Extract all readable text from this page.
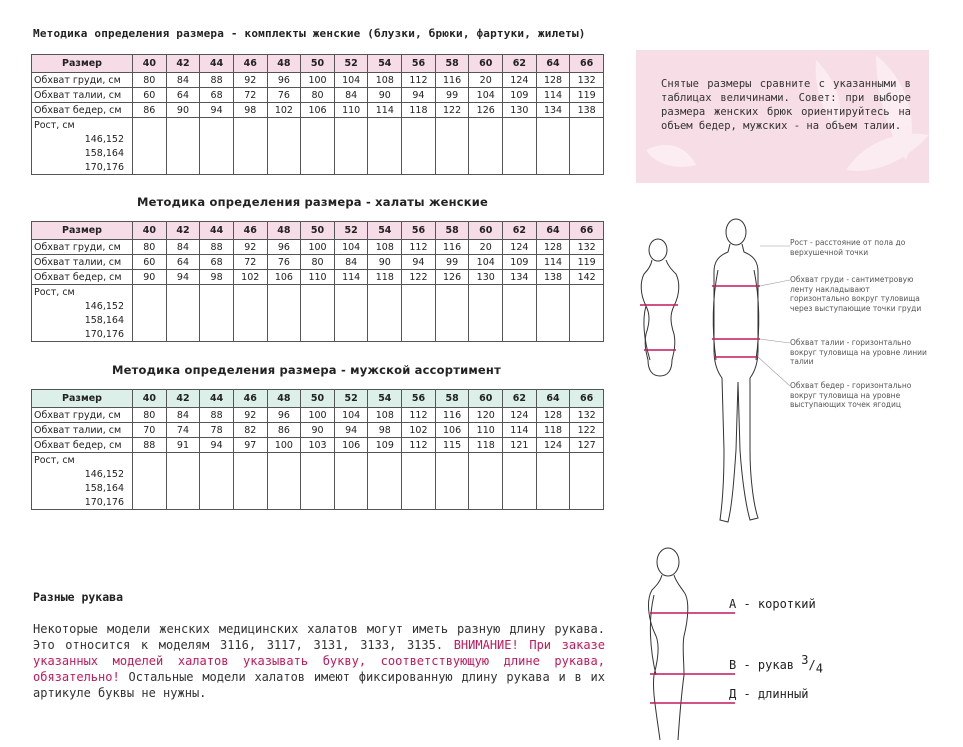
Методика определения размера - комплекты женские (блузки, брюки, фартуки, жилеты)
Методика определения размера - халаты женские
Методика определения размера - мужской ассортимент
Размер	40	42	44	46	48	50	52	54	56	58	60	62	64	66
Обхват груди, см	80	84	88	92	96	100	104	108	112	116	20	124	128	132
Обхват талии, см	60	64	68	72	76	80	84	90	94	99	104	109	114	119
Обхват бедер, см	86	90	94	98	102	106	110	114	118	122	126	130	134	138
Рост, см														
146,152														
158,164														
170,176														
Размер	40	42	44	46	48	50	52	54	56	58	60	62	64	66
Обхват груди, см	80	84	88	92	96	100	104	108	112	116	20	124	128	132
Обхват талии, см	60	64	68	72	76	80	84	90	94	99	104	109	114	119
Обхват бедер, см	90	94	98	102	106	110	114	118	122	126	130	134	138	142
Рост, см														
146,152														
158,164														
170,176														
Размер	40	42	44	46	48	50	52	54	56	58	60	62	64	66
Обхват груди, см	80	84	88	92	96	100	104	108	112	116	120	124	128	132
Обхват талии, см	70	74	78	82	86	90	94	98	102	106	110	114	118	122
Обхват бедер, см	88	91	94	97	100	103	106	109	112	115	118	121	124	127
Рост, см														
146,152														
158,164														
170,176														

Снятые размеры сравните с указанными в таблицах величинами. Совет: при выборе размера женских брюк ориентируйтесь на объем бедер, мужских - на объем талии.

Рост - расстояние от пола до верхушечной точки
Обхват груди - сантиметровую ленту накладывают горизонтально вокруг туловища через выступающие точки груди
Обхват талии - горизонтально вокруг туловища на уровне линии талии
Обхват бедер - горизонтально вокруг туловища на уровне выступающих точек ягодиц
Разные рукава
Некоторые модели женских медицинских халатов могут иметь разную длину рукава. Это относится к моделям 3116, 3117, 3131, 3133, 3135. ВНИМАНИЕ! При заказе указанных моделей халатов указывать букву, соответствующую длине рукава, обязательно! Остальные модели халатов имеют фиксированную длину рукава и в их артикуле буквы не нужны.
А - короткий
В - рукав $^3/_4$
Д - длинный
